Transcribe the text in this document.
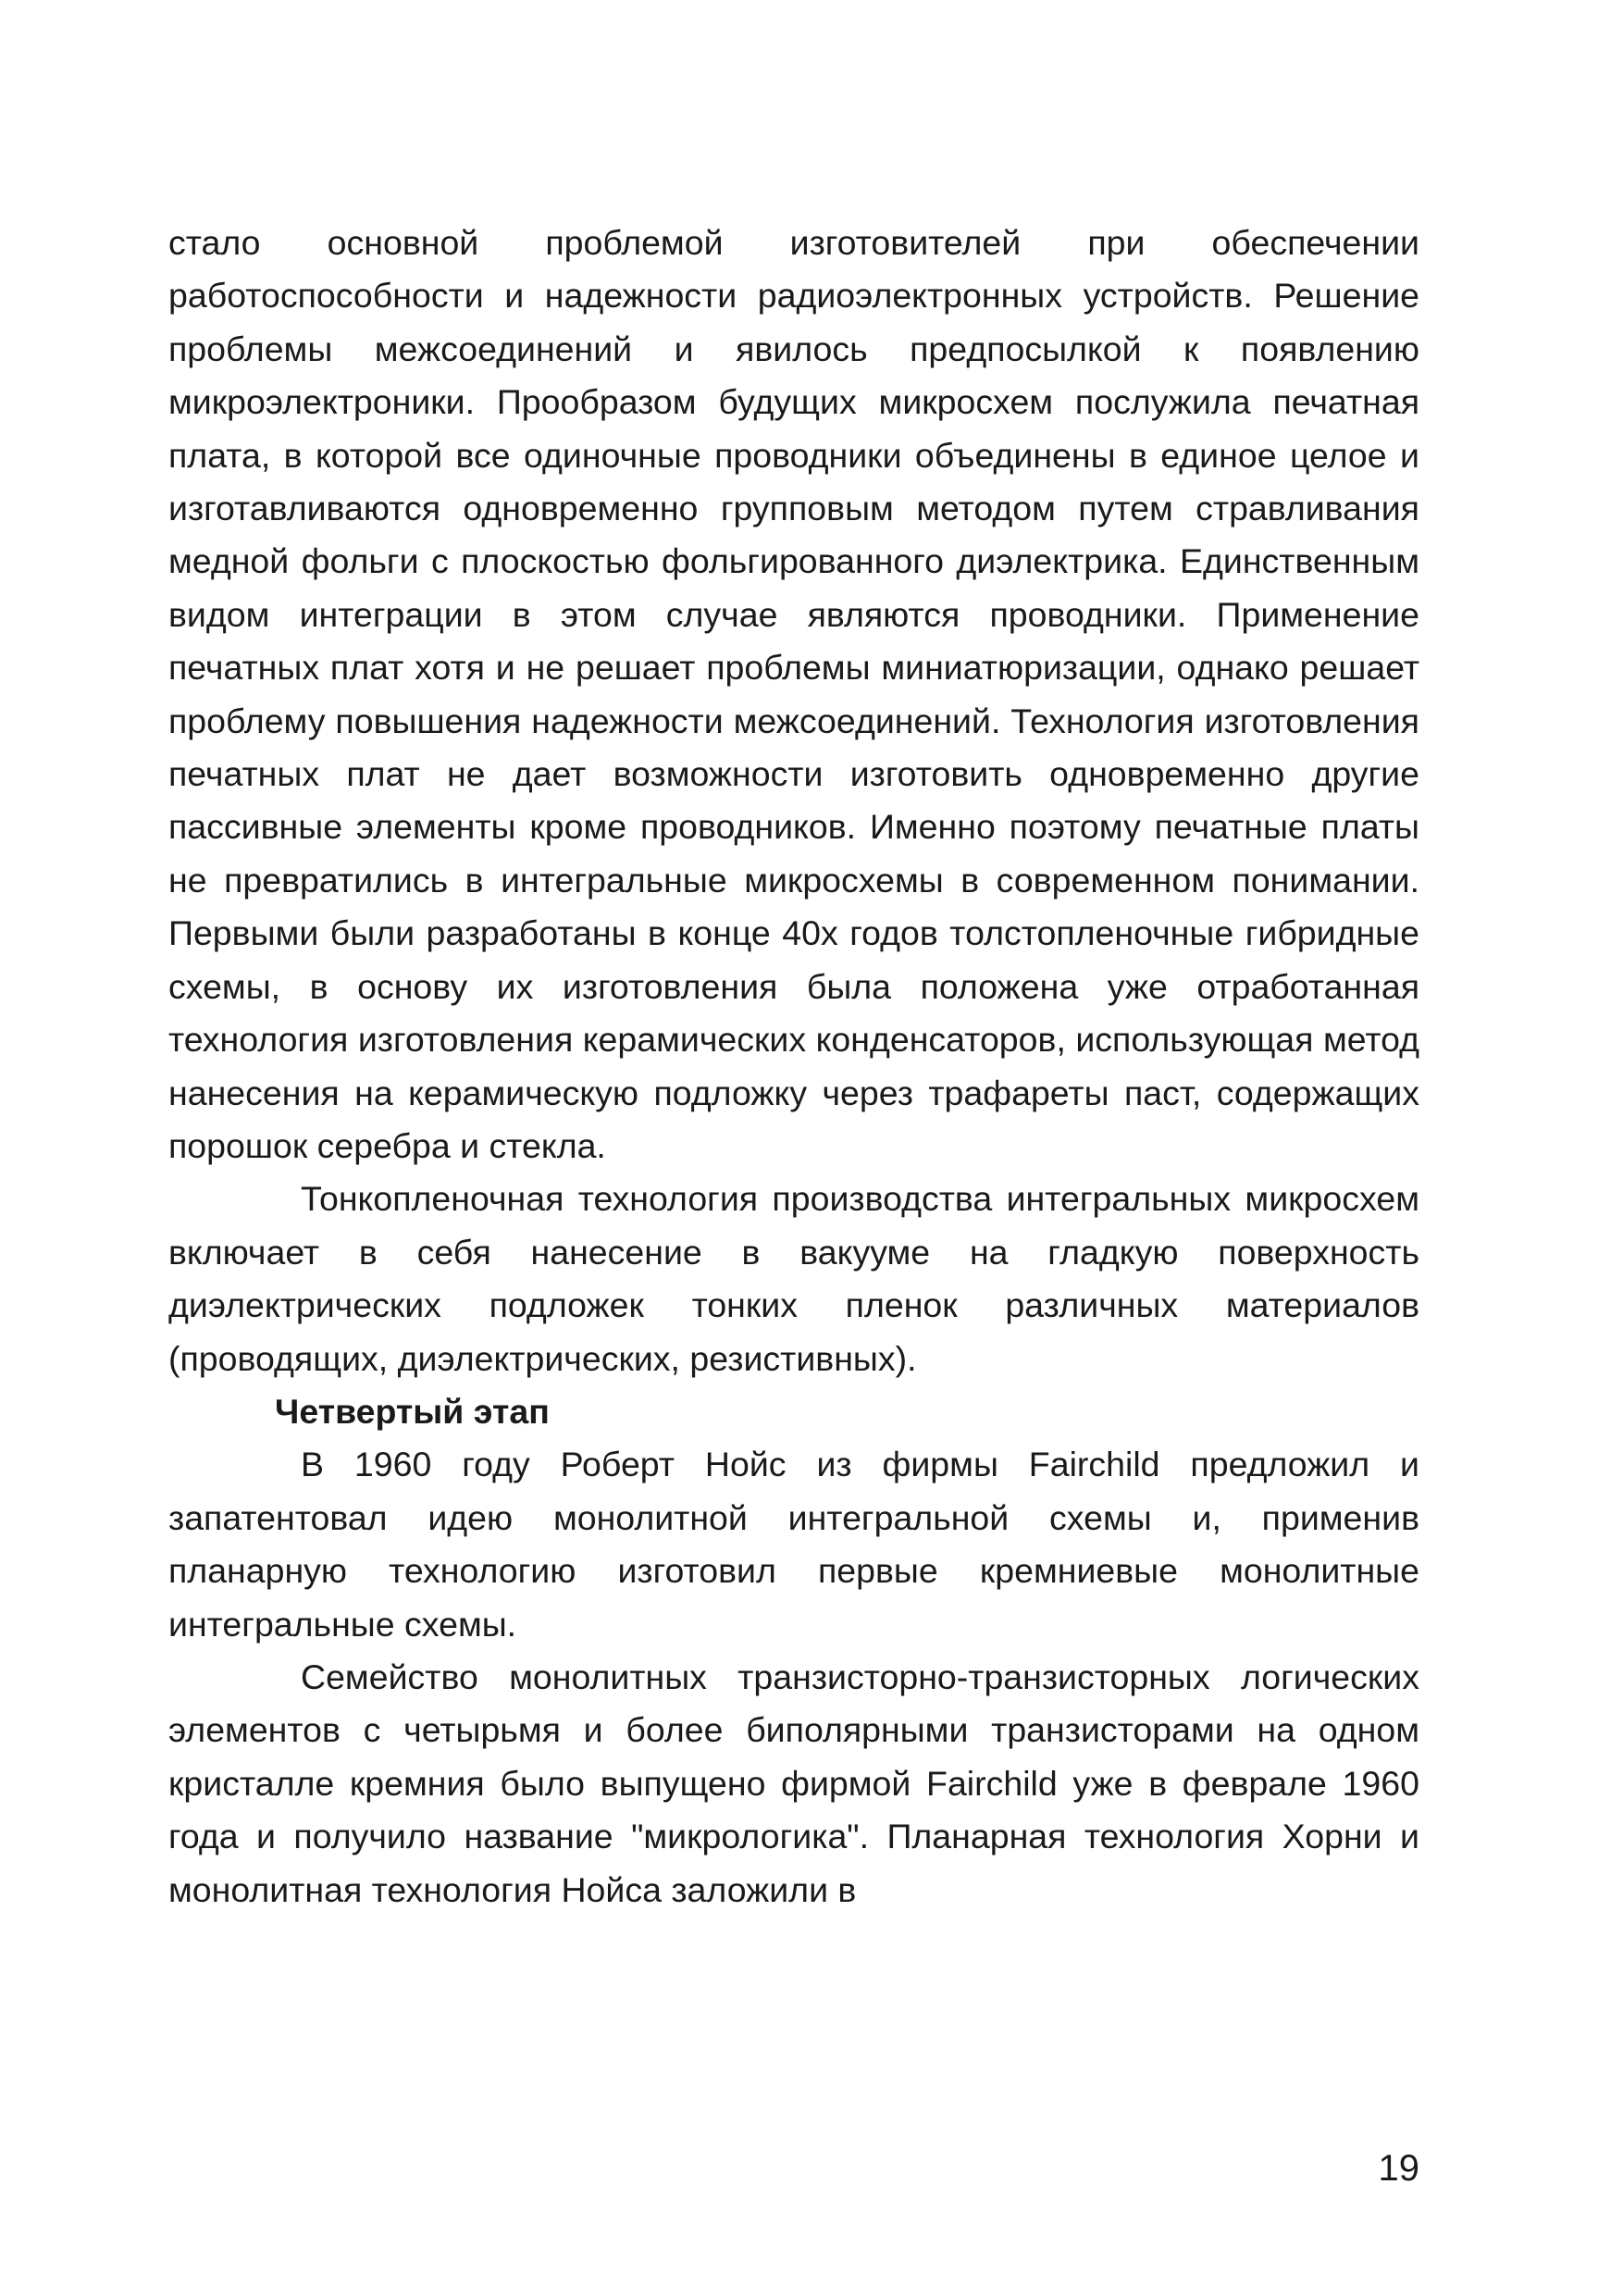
стало основной проблемой изготовителей при обеспечении работоспособности и надежности радиоэлектронных устройств. Решение проблемы межсоединений и явилось предпосылкой к появлению микроэлектроники. Прообразом будущих микросхем послужила печатная плата, в которой все одиночные проводники объединены в единое целое и изготавливаются одновременно групповым методом путем стравливания медной фольги с плоскостью фольгированного диэлектрика. Единственным видом интеграции в этом случае являются проводники. Применение печатных плат хотя и не решает проблемы миниатюризации, однако решает проблему повышения надежности межсоединений. Технология изготовления печатных плат не дает возможности изготовить одновременно другие пассивные элементы кроме проводников. Именно поэтому печатные платы не превратились в интегральные микросхемы в современном понимании. Первыми были разработаны в конце 40х годов толстопленочные гибридные схемы, в основу их изготовления была положена уже отработанная технология изготовления керамических конденсаторов, использующая метод нанесения на керамическую подложку через трафареты паст, содержащих порошок серебра и стекла.

Тонкопленочная технология производства интегральных микросхем включает в себя нанесение в вакууме на гладкую поверхность диэлектрических подложек тонких пленок различных материалов (проводящих, диэлектрических, резистивных).

Четвертый этап

В 1960 году Роберт Нойс из фирмы Fairchild предложил и запатентовал идею монолитной интегральной схемы и, применив планарную технологию изготовил первые кремниевые монолитные интегральные схемы.

Семейство монолитных транзисторно-транзисторных логических элементов с четырьмя и более биполярными транзисторами на одном кристалле кремния было выпущено фирмой Fairchild уже в феврале 1960 года и получило название "микрологика". Планарная технология Хорни и монолитная технология Нойса заложили в

19
